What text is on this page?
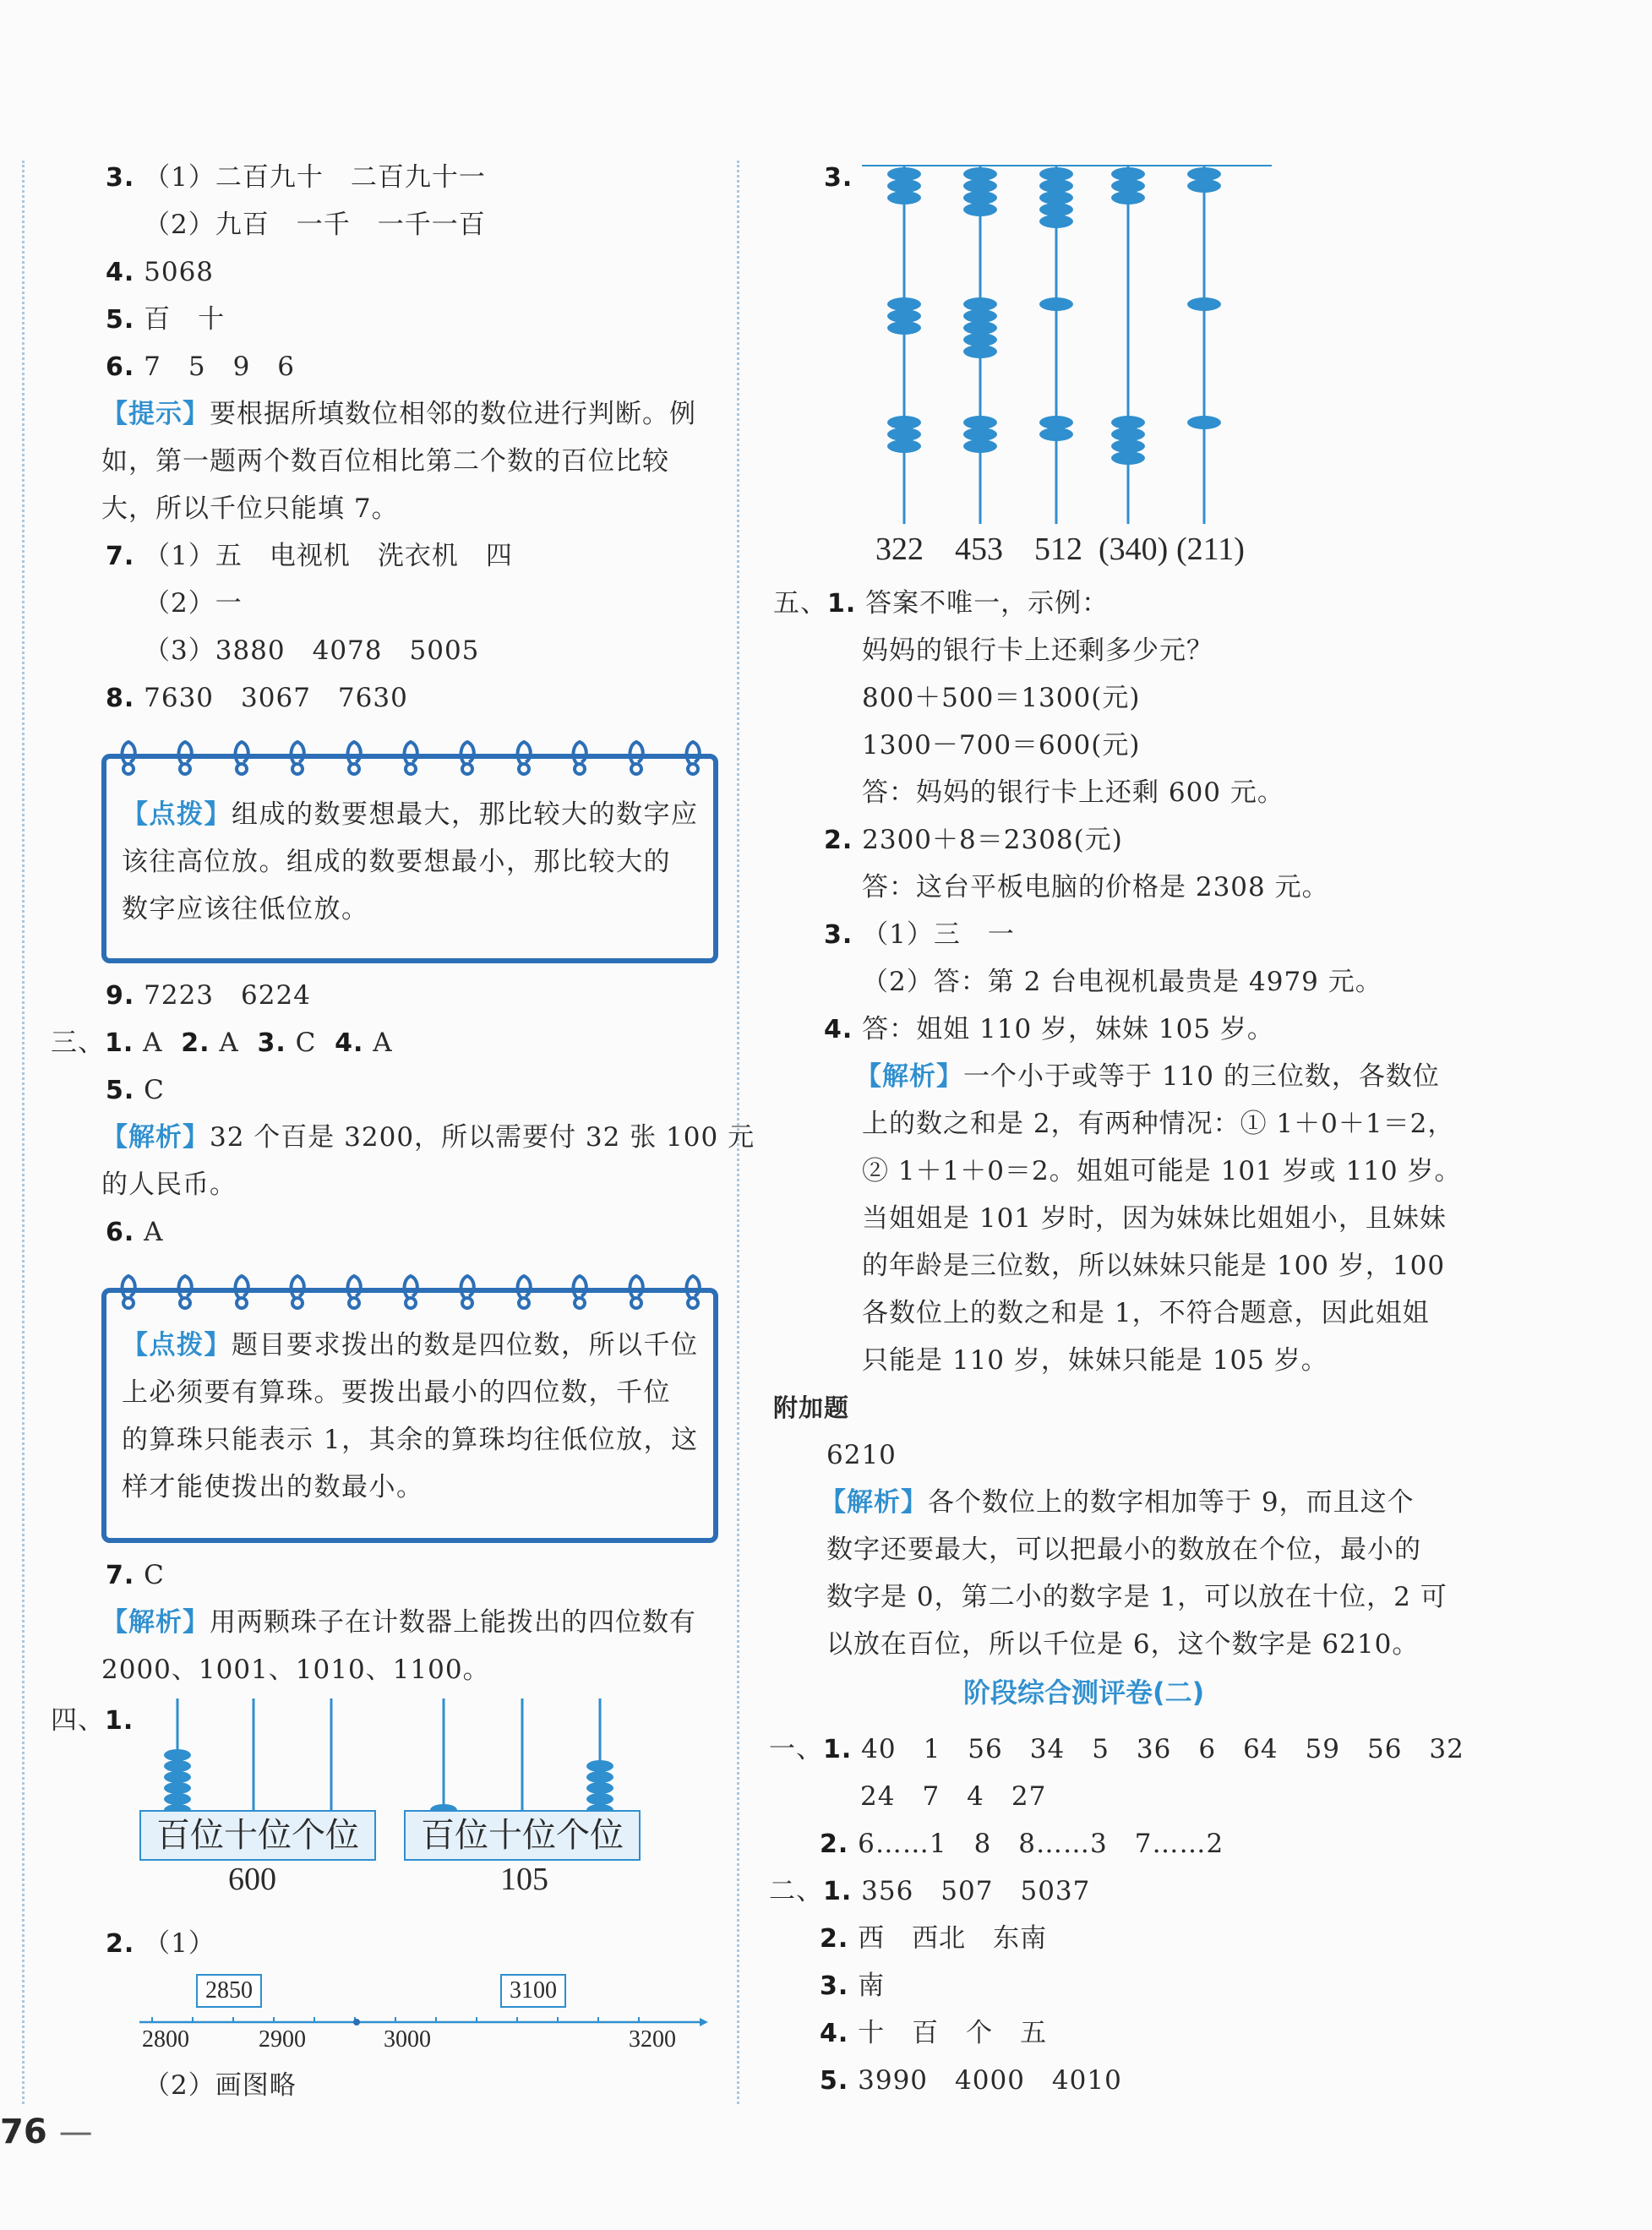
3. （1）二百九十　二百九十一
（2）九百　一千　一千一百
4. 5068
5. 百　十
6. 7　5　9　6
【提示】要根据所填数位相邻的数位进行判断。例
如，第一题两个数百位相比第二个数的百位比较
大，所以千位只能填 7。
7. （1）五　电视机　洗衣机　四
（2）一
（3）3880　4078　5005
8. 7630　3067　7630
【点拨】组成的数要想最大，那比较大的数字应
该往高位放。组成的数要想最小，那比较大的
数字应该往低位放。
9. 7223　6224
三、1. A 2. A 3. C 4. A
5. C
【解析】32 个百是 3200，所以需要付 32 张 100 元
的人民币。
6. A
【点拨】题目要求拨出的数是四位数，所以千位
上必须要有算珠。要拨出最小的四位数，千位
的算珠只能表示 1，其余的算珠均往低位放，这
样才能使拨出的数最小。
7. C
【解析】用两颗珠子在计数器上能拨出的四位数有
2000、1001、1010、1100。
四、1.
百位十位个位
600
百位十位个位
105
2. （1）
2850	3100
2800	2900	3000	3200
（2）画图略
76 —
3.
322 453 512 (340) (211)
五、1. 答案不唯一，示例：
妈妈的银行卡上还剩多少元？
800＋500＝1300(元)
1300－700＝600(元)
答：妈妈的银行卡上还剩 600 元。
2. 2300＋8＝2308(元)
答：这台平板电脑的价格是 2308 元。
3. （1）三　一
（2）答：第 2 台电视机最贵是 4979 元。
4. 答：姐姐 110 岁，妹妹 105 岁。
【解析】一个小于或等于 110 的三位数，各数位
上的数之和是 2，有两种情况：① 1＋0＋1＝2，
② 1＋1＋0＝2。姐姐可能是 101 岁或 110 岁。
当姐姐是 101 岁时，因为妹妹比姐姐小，且妹妹
的年龄是三位数，所以妹妹只能是 100 岁，100
各数位上的数之和是 1，不符合题意，因此姐姐
只能是 110 岁，妹妹只能是 105 岁。
附加题
6210
【解析】各个数位上的数字相加等于 9，而且这个
数字还要最大，可以把最小的数放在个位，最小的
数字是 0，第二小的数字是 1，可以放在十位，2 可
以放在百位，所以千位是 6，这个数字是 6210。
阶段综合测评卷(二)
一、1. 40　1　56　34　5　36　6　64　59　56　32
24　7　4　27
2. 6……1　8　8……3　7……2
二、1. 356　507　5037
2. 西　西北　东南
3. 南
4. 十　百　个　五
5. 3990　4000　4010
